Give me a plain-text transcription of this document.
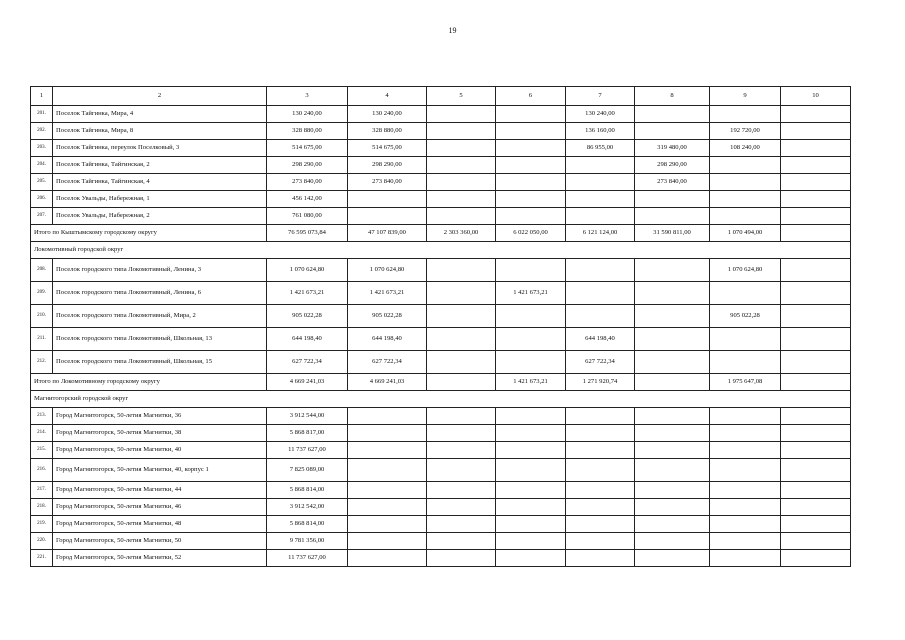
19
1	2	3	4	5	6	7	8	9	10
201.	Поселок Тайгинка, Мира, 4	130 240,00	130 240,00			130 240,00			
202.	Поселок Тайгинка, Мира, 8	328 880,00	328 880,00			136 160,00		192 720,00	
203.	Поселок Тайгинка, переулок Поселковый, 3	514 675,00	514 675,00			86 955,00	319 480,00	108 240,00	
204.	Поселок Тайгинка, Тайгинская, 2	298 290,00	298 290,00				298 290,00		
205.	Поселок Тайгинка, Тайгинская, 4	273 840,00	273 840,00				273 840,00		
206.	Поселок Увальды, Набережная, 1	456 142,00							
207.	Поселок Увальды, Набережная, 2	761 080,00							
Итого по Кыштымскому городскому округу		76 595 073,84	47 107 839,00	2 303 360,00	6 022 050,00	6 121 124,00	31 590 811,00	1 070 494,00	
Локомотивный городской округ									
208.	Поселок городского типа Локомотивный, Ленина, 3	1 070 624,80	1 070 624,80					1 070 624,80	
209.	Поселок городского типа Локомотивный, Ленина, 6	1 421 673,21	1 421 673,21		1 421 673,21				
210.	Поселок городского типа Локомотивный, Мира, 2	905 022,28	905 022,28					905 022,28	
211.	Поселок городского типа Локомотивный, Школьная, 13	644 198,40	644 198,40			644 198,40			
212.	Поселок городского типа Локомотивный, Школьная, 15	627 722,34	627 722,34			627 722,34			
Итого по Локомотивному городскому округу		4 669 241,03	4 669 241,03		1 421 673,21	1 271 920,74		1 975 647,08	
Магнитогорский городской округ									
213.	Город Магнитогорск, 50-летия Магнитки, 36	3 912 544,00							
214.	Город Магнитогорск, 50-летия Магнитки, 38	5 868 817,00							
215.	Город Магнитогорск, 50-летия Магнитки, 40	11 737 627,00							
216.	Город Магнитогорск, 50-летия Магнитки, 40, корпус 1	7 825 089,00							
217.	Город Магнитогорск, 50-летия Магнитки, 44	5 868 814,00							
218.	Город Магнитогорск, 50-летия Магнитки, 46	3 912 542,00							
219.	Город Магнитогорск, 50-летия Магнитки, 48	5 868 814,00							
220.	Город Магнитогорск, 50-летия Магнитки, 50	9 781 356,00							
221.	Город Магнитогорск, 50-летия Магнитки, 52	11 737 627,00							
